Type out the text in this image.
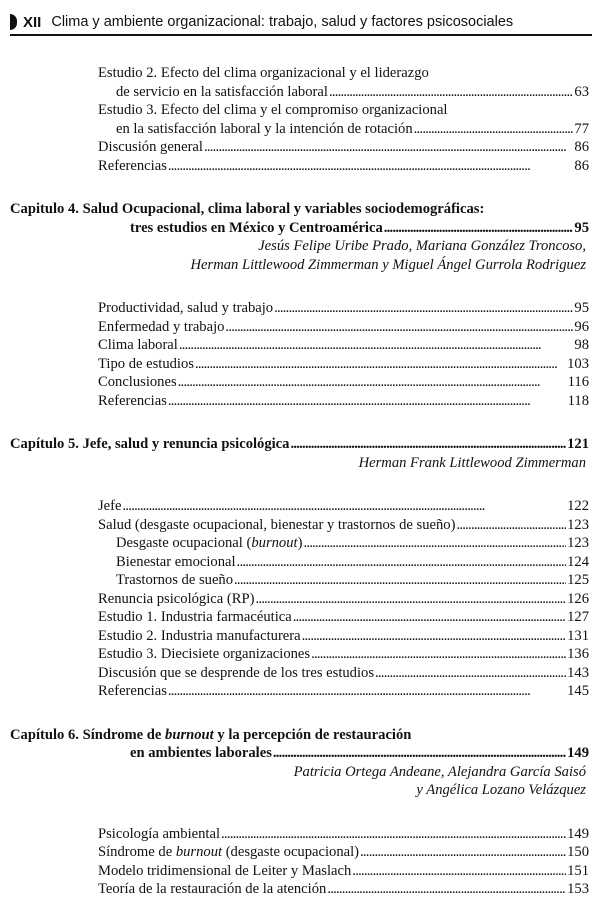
XII Clima y ambiente organizacional: trabajo, salud y factores psicosociales
Estudio 2. Efecto del clima organizacional y el liderazgo
de servicio en la satisfacción laboral . . .	63
Estudio 3. Efecto del clima y el compromiso organizacional
en la satisfacción laboral y la intención de rotación . . .	77
Discusión general . . .	86
Referencias . . .	86
Capitulo 4. Salud Ocupacional, clima laboral y variables sociodemográficas:
tres estudios en México y Centroamérica . . .	95
Jesús Felipe Uribe Prado, Mariana González Troncoso,
Herman Littlewood Zimmerman y Miguel Ángel Gurrola Rodriguez
Productividad, salud y trabajo . . .	95
Enfermedad y trabajo . . .	96
Clima laboral . . .	98
Tipo de estudios . . .	103
Conclusiones . . .	116
Referencias . . .	118
Capítulo 5. Jefe, salud y renuncia psicológica . . .	121
Herman Frank Littlewood Zimmerman
Jefe . . .	122
Salud (desgaste ocupacional, bienestar y trastornos de sueño) . . .	123
Desgaste ocupacional (burnout) . . .	123
Bienestar emocional . . .	124
Trastornos de sueño . . .	125
Renuncia psicológica (RP) . . .	126
Estudio 1. Industria farmacéutica . . .	127
Estudio 2. Industria manufacturera . . .	131
Estudio 3. Diecisiete organizaciones . . .	136
Discusión que se desprende de los tres estudios . . .	143
Referencias . . .	145
Capítulo 6. Síndrome de burnout y la percepción de restauración
en ambientes laborales . . .	149
Patricia Ortega Andeane, Alejandra García Saisó
y Angélica Lozano Velázquez
Psicología ambiental . . .	149
Síndrome de burnout (desgaste ocupacional) . . .	150
Modelo tridimensional de Leiter y Maslach . . .	151
Teoría de la restauración de la atención . . .	153
